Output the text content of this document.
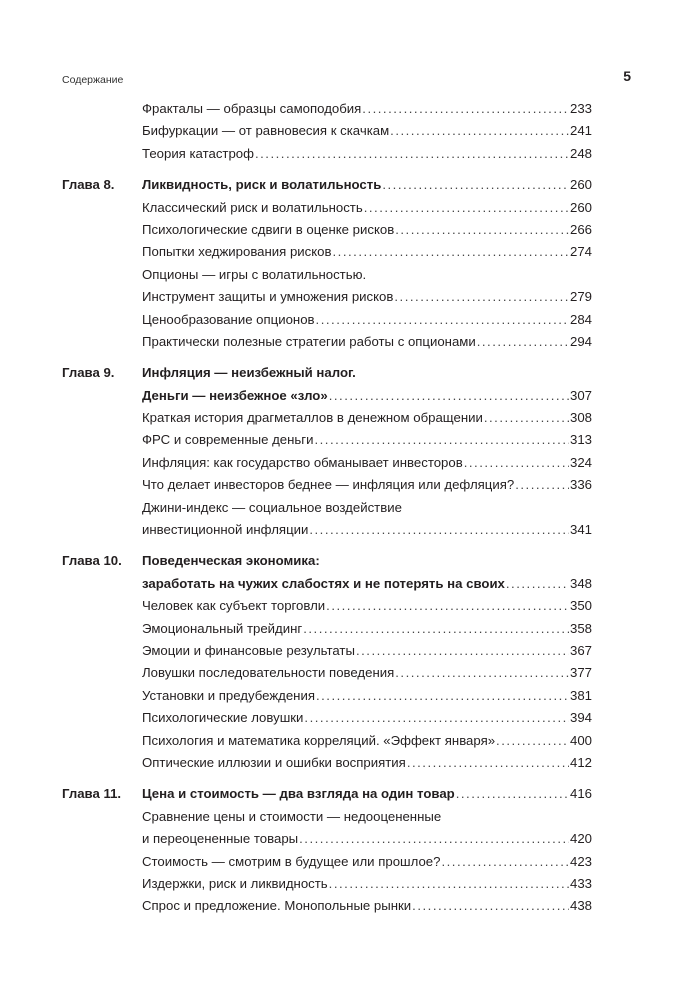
Содержание	5
Фракталы — образцы самоподобия .....	233
Бифуркации — от равновесия к скачкам .....	241
Теория катастроф .....	248
Глава 8. Ликвидность, риск и волатильность .....	260
Классический риск и волатильность .....	260
Психологические сдвиги в оценке рисков .....	266
Попытки хеджирования рисков .....	274
Опционы — игры с волатильностью.
Инструмент защиты и умножения рисков .....	279
Ценообразование опционов .....	284
Практически полезные стратегии работы с опционами .....	294
Глава 9. Инфляция — неизбежный налог.
Деньги — неизбежное «зло» .....	307
Краткая история драгметаллов в денежном обращении .....	308
ФРС и современные деньги .....	313
Инфляция: как государство обманывает инвесторов .....	324
Что делает инвесторов беднее — инфляция или дефляция? .....	336
Джини-индекс — социальное воздействие
инвестиционной инфляции .....	341
Глава 10. Поведенческая экономика:
заработать на чужих слабостях и не потерять на своих .....	348
Человек как субъект торговли .....	350
Эмоциональный трейдинг .....	358
Эмоции и финансовые результаты .....	367
Ловушки последовательности поведения .....	377
Установки и предубеждения .....	381
Психологические ловушки .....	394
Психология и математика корреляций. «Эффект января» .....	400
Оптические иллюзии и ошибки восприятия .....	412
Глава 11. Цена и стоимость — два взгляда на один товар .....	416
Сравнение цены и стоимости — недооцененные
и переоцененные товары .....	420
Стоимость — смотрим в будущее или прошлое? .....	423
Издержки, риск и ликвидность .....	433
Спрос и предложение. Монопольные рынки .....	438
